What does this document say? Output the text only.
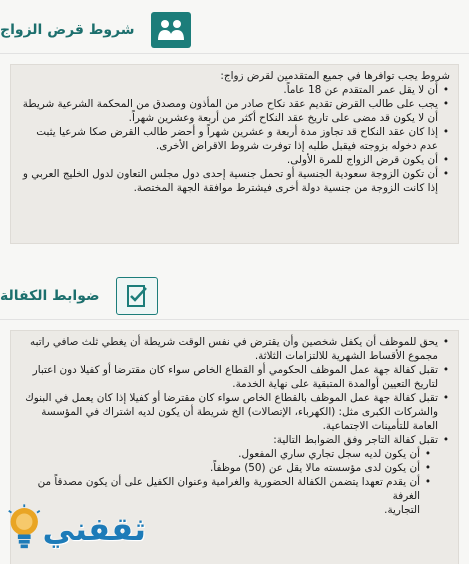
شروط قرض الزواج

شروط يجب توافرها في جميع المتقدمين لقرض زواج:

• أن لا يقل عمر المتقدم عن 18 عاماً.
• يجب على طالب القرض تقديم عقد نكاح صادر من المأذون ومصدق من المحكمة الشرعية شريطة أن لا يكون قد مضى على تاريخ عقد النكاح أكثر من أربعة وعشرين شهراً.
• إذا كان عقد النكاح قد تجاوز مدة أربعة و عشرين شهراً و أحضر طالب القرض صكا شرعيا يثبت عدم دخوله بزوجته فيقبل طلبه إذا توفرت شروط الاقراض الأخرى.
• أن يكون قرض الزواج للمرة الأولى.
• أن تكون الزوجة سعودية الجنسية أو تحمل جنسية إحدى دول مجلس التعاون لدول الخليج العربي و إذا كانت الزوجة من جنسية دولة أخرى فيشترط موافقة الجهة المختصة.
ضوابط الكفالة
• يحق للموظف أن يكفل شخصين وأن يقترض في نفس الوقت شريطة أن يغطي ثلث صافي راتبه مجموع الأقساط الشهرية للالتزامات الثلاثة.
• تقبل كفالة جهة عمل الموظف الحكومي أو القطاع الخاص سواء كان مقترضا أو كفيلا دون اعتبار لتاريخ التعيين أوالمدة المتبقية على نهاية الخدمة.
• تقبل كفالة جهة عمل الموظف بالقطاع الخاص سواء كان مقترضا أو كفيلا إذا كان يعمل في البنوك والشركات الكبرى مثل: (الكهرباء، الإتصالات) الخ شريطة أن يكون لديه اشتراك في المؤسسة العامة للتأمينات الاجتماعية.
• تقبل كفالة التاجر وفق الضوابط التالية:
• أن يكون لديه سجل تجاري ساري المفعول.
• أن يكون لدى مؤسسته مالا يقل عن (50) موظفاً.
• أن يقدم تعهدا يتضمن الكفالة الحضورية والغرامية وعنوان الكفيل على أن يكون مصدقاً من الغرفة
التجارية.
ثقفني
